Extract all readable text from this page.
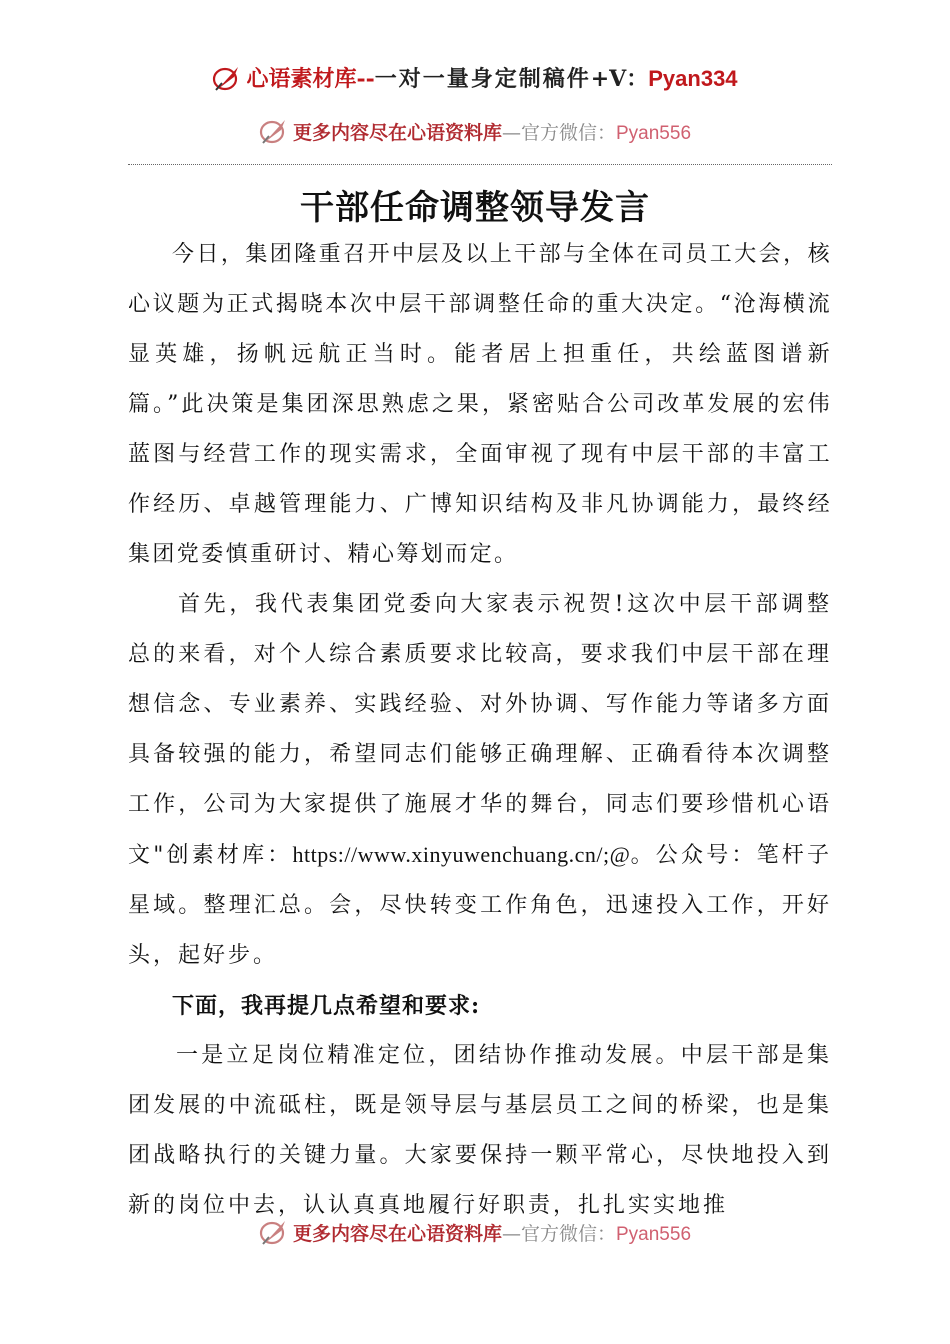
心语素材库--一对一量身定制稿件+V：Pyan334
更多内容尽在心语资料库—官方微信：Pyan556
干部任命调整领导发言

今日，集团隆重召开中层及以上干部与全体在司员工大会，核心议题为正式揭晓本次中层干部调整任命的重大决定。“沧海横流显英雄，扬帆远航正当时。能者居上担重任，共绘蓝图谱新篇。”此决策是集团深思熟虑之果，紧密贴合公司改革发展的宏伟蓝图与经营工作的现实需求，全面审视了现有中层干部的丰富工作经历、卓越管理能力、广博知识结构及非凡协调能力，最终经集团党委慎重研讨、精心筹划而定。

首先，我代表集团党委向大家表示祝贺!这次中层干部调整总的来看，对个人综合素质要求比较高，要求我们中层干部在理想信念、专业素养、实践经验、对外协调、写作能力等诸多方面具备较强的能力，希望同志们能够正确理解、正确看待本次调整工作，公司为大家提供了施展才华的舞台，同志们要珍惜机心语文"创素材库：https://www.xinyuwenchuang.cn/;@。公众号：笔杆子星域。整理汇总。会，尽快转变工作角色，迅速投入工作，开好头，起好步。

下面，我再提几点希望和要求:

一是立足岗位精准定位，团结协作推动发展。中层干部是集团发展的中流砥柱，既是领导层与基层员工之间的桥梁，也是集团战略执行的关键力量。大家要保持一颗平常心，尽快地投入到新的岗位中去，认认真真地履行好职责，扎扎实实地推

更多内容尽在心语资料库—官方微信：Pyan556
